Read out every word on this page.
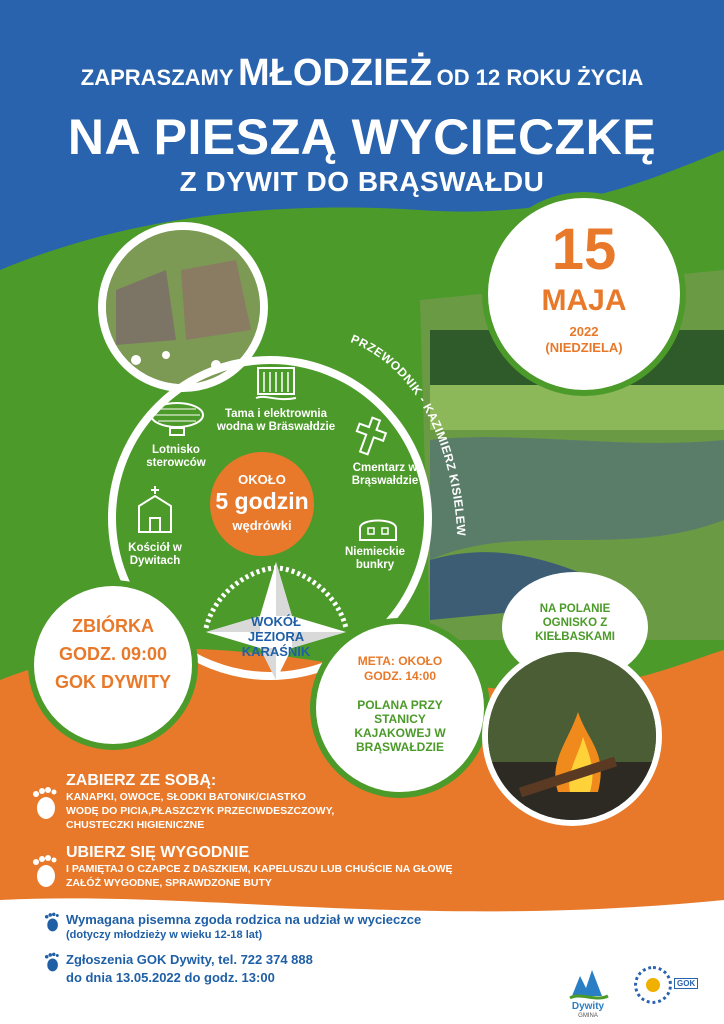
ZAPRASZAMY MŁODZIEŻ OD 12 ROKU ŻYCIA
NA PIESZĄ WYCIECZKĘ
Z DYWIT DO BRĄSWAŁDU
15
MAJA
2022
(NIEDZIELA)
PRZEWODNIK - KAZIMIERZ KISIELEW
Lotnisko sterowców
Tama i elektrownia wodna w Bräswałdzie
Cmentarz w Brąswałdzie
Kościół w Dywitach
Niemieckie bunkry
OKOŁO
5 godzin
wędrówki
WOKÓŁ
JEZIORA
KARAŚNIK
ZBIÓRKA
GODZ. 09:00
GOK DYWITY
META: OKOŁO
GODZ. 14:00
POLANA PRZY STANICY KAJAKOWEJ W BRĄSWAŁDZIE
NA POLANIE OGNISKO Z KIEŁBASKAMI
ZABIERZ ZE SOBĄ:
KANAPKI, OWOCE, SŁODKI BATONIK/CIASTKO
WODĘ DO PICIA,PŁASZCZYK PRZECIWDESZCZOWY,
CHUSTECZKI HIGIENICZNE
UBIERZ SIĘ WYGODNIE
I PAMIĘTAJ O CZAPCE Z DASZKIEM, KAPELUSZU LUB CHUŚCIE NA GŁOWĘ
ZAŁÓŻ WYGODNE, SPRAWDZONE BUTY
Wymagana pisemna zgoda rodzica na udział w wycieczce
(dotyczy młodzieży w wieku 12-18 lat)
Zgłoszenia GOK Dywity, tel. 722 374 888
do dnia 13.05.2022 do godz. 13:00
Dywity
GMINA
GOK
